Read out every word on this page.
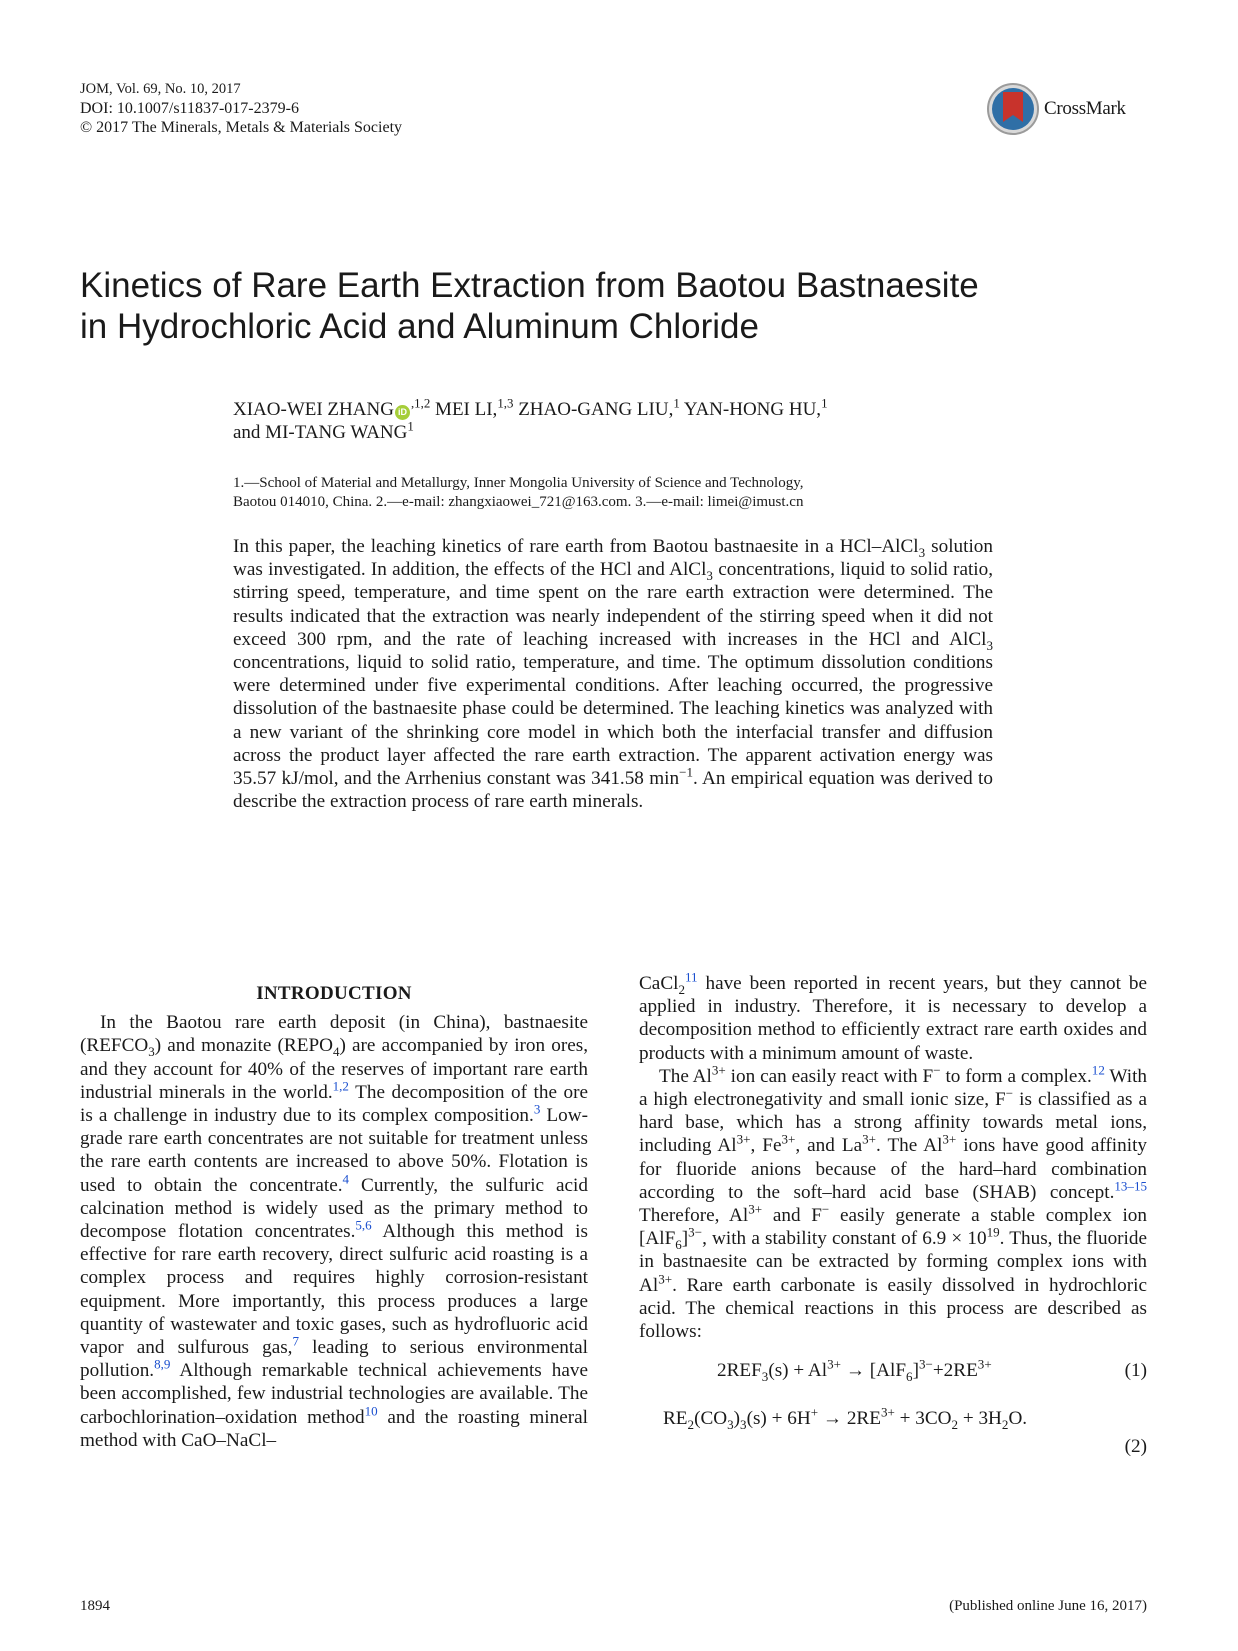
JOM, Vol. 69, No. 10, 2017
DOI: 10.1007/s11837-017-2379-6
© 2017 The Minerals, Metals & Materials Society
CrossMark
Kinetics of Rare Earth Extraction from Baotou Bastnaesite
in Hydrochloric Acid and Aluminum Chloride
XIAO-WEI ZHANG $iD^{,1,2}$ MEI LI,$^{1,3}$ ZHAO-GANG LIU,$^1$ YAN-HONG HU,$^1$
and MI-TANG WANG$^1$
1.—School of Material and Metallurgy, Inner Mongolia University of Science and Technology,
Baotou 014010, China. 2.—e-mail: zhangxiaowei_721@163.com. 3.—e-mail: limei@imust.cn
In this paper, the leaching kinetics of rare earth from Baotou bastnaesite in a HCl–AlCl$_3$ solution was investigated. In addition, the effects of the HCl and AlCl$_3$ concentrations, liquid to solid ratio, stirring speed, temperature, and time spent on the rare earth extraction were determined. The results indicated that the extraction was nearly independent of the stirring speed when it did not exceed 300 rpm, and the rate of leaching increased with increases in the HCl and AlCl$_3$ concentrations, liquid to solid ratio, temperature, and time. The optimum dissolution conditions were determined under five experimental conditions. After leaching occurred, the progressive dissolution of the bastnaesite phase could be determined. The leaching kinetics was analyzed with a new variant of the shrinking core model in which both the interfacial transfer and diffusion across the product layer affected the rare earth extraction. The apparent activation energy was 35.57 kJ/mol, and the Arrhenius constant was 341.58 $\min^{-1}$. An empirical equation was derived to describe the extraction process of rare earth minerals.
INTRODUCTION

In the Baotou rare earth deposit (in China), bastnaesite $(REFCO_3)$ and monazite $(REPO_4)$ are accompanied by iron ores, and they account for 40% of the reserves of important rare earth industrial minerals in the world.$^{1,2}$ The decomposition of the ore is a challenge in industry due to its complex composition.$^3$ Low-grade rare earth concentrates are not suitable for treatment unless the rare earth contents are increased to above 50%. Flotation is used to obtain the concentrate.$^4$ Currently, the sulfuric acid calcination method is widely used as the primary method to decompose flotation concentrates.$^{5,6}$ Although this method is effective for rare earth recovery, direct sulfuric acid roasting is a complex process and requires highly corrosion-resistant equipment. More importantly, this process produces a large quantity of wastewater and toxic gases, such as hydrofluoric acid vapor and sulfurous gas,$^7$ leading to serious environmental pollution.$^{8,9}$ Although remarkable technical achievements have been accomplished, few industrial technologies are available. The carbochlorination–oxidation method$^{10}$ and the roasting mineral method with CaO–NaCl–

CaCl$_2^{11}$ have been reported in recent years, but they cannot be applied in industry. Therefore, it is necessary to develop a decomposition method to efficiently extract rare earth oxides and products with a minimum amount of waste.

The $Al^{3+}$ ion can easily react with F− to form a complex.$^{12}$ With a high electronegativity and small ionic size, F− is classified as a hard base, which has a strong affinity towards metal ions, including $Al^{3+}$, $Fe^{3+}$, and $La^{3+}$. The $Al^{3+}$ ions have good affinity for fluoride anions because of the hard–hard combination according to the soft–hard acid base (SHAB) concept.$^{13-15}$ Therefore, $Al^{3+}$ and F− easily generate a stable complex ion $[AlF_6]^{3-}$, with a stability constant of $6.9 \times 10^{19}$. Thus, the fluoride in bastnaesite can be extracted by forming complex ions with $Al^{3+}$. Rare earth carbonate is easily dissolved in hydrochloric acid. The chemical reactions in this process are described as follows:

$2REF_3(s) + Al^{3+} \to [AlF_6]^{3-}+2RE^{3+}$	(1)
$RE_2(CO_3)_3(s) + 6H^+ \to 2RE^{3+} + 3CO_2 + 3H_2O$.
(2)
1894	(Published online June 16, 2017)
